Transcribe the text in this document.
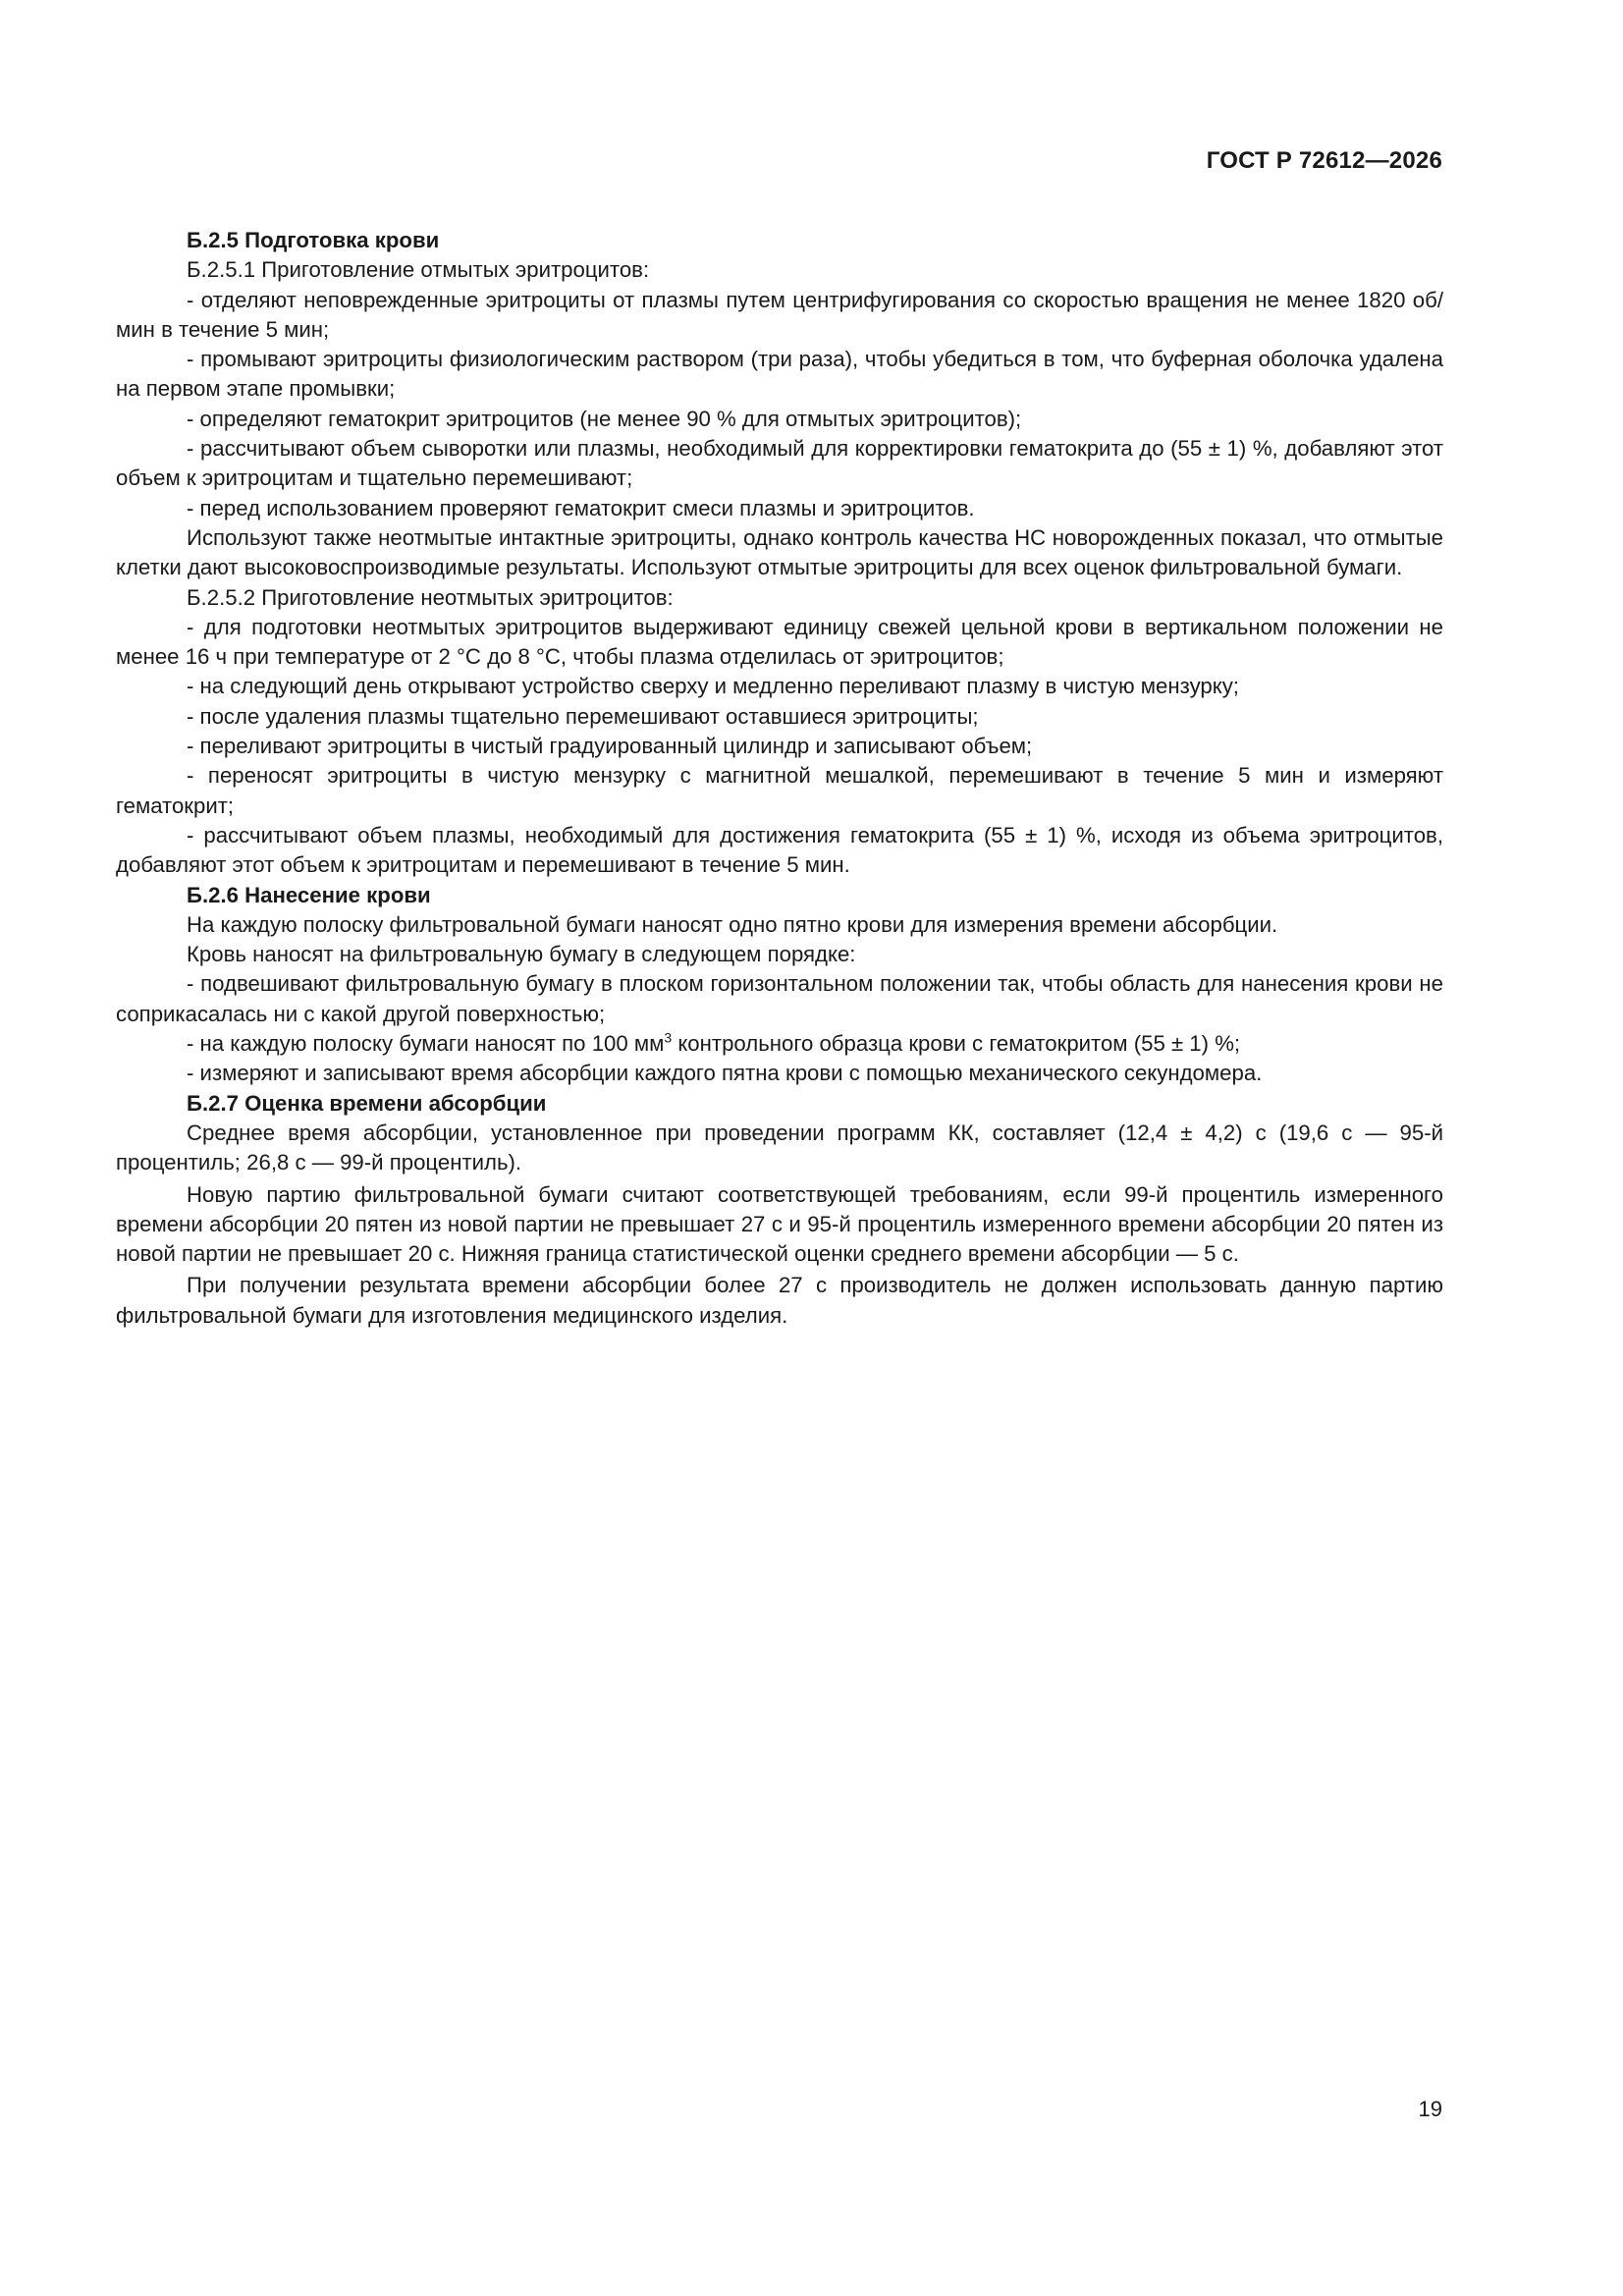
ГОСТ Р 72612—2026

Б.2.5 Подготовка крови

Б.2.5.1 Приготовление отмытых эритроцитов:

- отделяют неповрежденные эритроциты от плазмы путем центрифугирования со скоростью вращения не менее 1820 об/мин в течение 5 мин;

- промывают эритроциты физиологическим раствором (три раза), чтобы убедиться в том, что буферная оболочка удалена на первом этапе промывки;

- определяют гематокрит эритроцитов (не менее 90 % для отмытых эритроцитов);

- рассчитывают объем сыворотки или плазмы, необходимый для корректировки гематокрита до (55 ± 1) %, добавляют этот объем к эритроцитам и тщательно перемешивают;

- перед использованием проверяют гематокрит смеси плазмы и эритроцитов.

Используют также неотмытые интактные эритроциты, однако контроль качества НС новорожденных показал, что отмытые клетки дают высоковоспроизводимые результаты. Используют отмытые эритроциты для всех оценок фильтровальной бумаги.

Б.2.5.2 Приготовление неотмытых эритроцитов:

- для подготовки неотмытых эритроцитов выдерживают единицу свежей цельной крови в вертикальном положении не менее 16 ч при температуре от 2 °С до 8 °С, чтобы плазма отделилась от эритроцитов;

- на следующий день открывают устройство сверху и медленно переливают плазму в чистую мензурку;

- после удаления плазмы тщательно перемешивают оставшиеся эритроциты;

- переливают эритроциты в чистый градуированный цилиндр и записывают объем;

- переносят эритроциты в чистую мензурку с магнитной мешалкой, перемешивают в течение 5 мин и измеряют гематокрит;

- рассчитывают объем плазмы, необходимый для достижения гематокрита (55 ± 1) %, исходя из объема эритроцитов, добавляют этот объем к эритроцитам и перемешивают в течение 5 мин.

Б.2.6 Нанесение крови

На каждую полоску фильтровальной бумаги наносят одно пятно крови для измерения времени абсорбции.

Кровь наносят на фильтровальную бумагу в следующем порядке:

- подвешивают фильтровальную бумагу в плоском горизонтальном положении так, чтобы область для нанесения крови не соприкасалась ни с какой другой поверхностью;

- на каждую полоску бумаги наносят по 100 $мм^3$ контрольного образца крови с гематокритом (55 ± 1) %;

- измеряют и записывают время абсорбции каждого пятна крови с помощью механического секундомера.

Б.2.7 Оценка времени абсорбции

Среднее время абсорбции, установленное при проведении программ КК, составляет (12,4 ± 4,2) с (19,6 с — 95-й процентиль; 26,8 с — 99-й процентиль).

Новую партию фильтровальной бумаги считают соответствующей требованиям, если 99-й процентиль измеренного времени абсорбции 20 пятен из новой партии не превышает 27 с и 95-й процентиль измеренного времени абсорбции 20 пятен из новой партии не превышает 20 с. Нижняя граница статистической оценки среднего времени абсорбции — 5 с.

При получении результата времени абсорбции более 27 с производитель не должен использовать данную партию фильтровальной бумаги для изготовления медицинского изделия.

19
